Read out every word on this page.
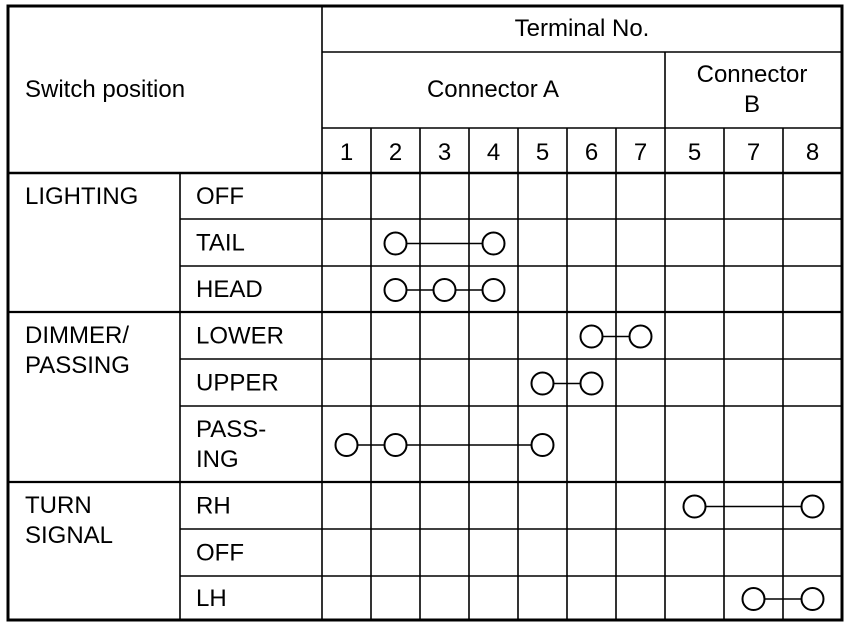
Switch position
Terminal No.
Connector A
Connector
B
1 2 3 4 5 6 7 5 7 8
LIGHTING
DIMMER/
PASSING
TURN
SIGNAL
OFF
TAIL
HEAD
LOWER
UPPER
PASS-
ING
RH
OFF
LH
